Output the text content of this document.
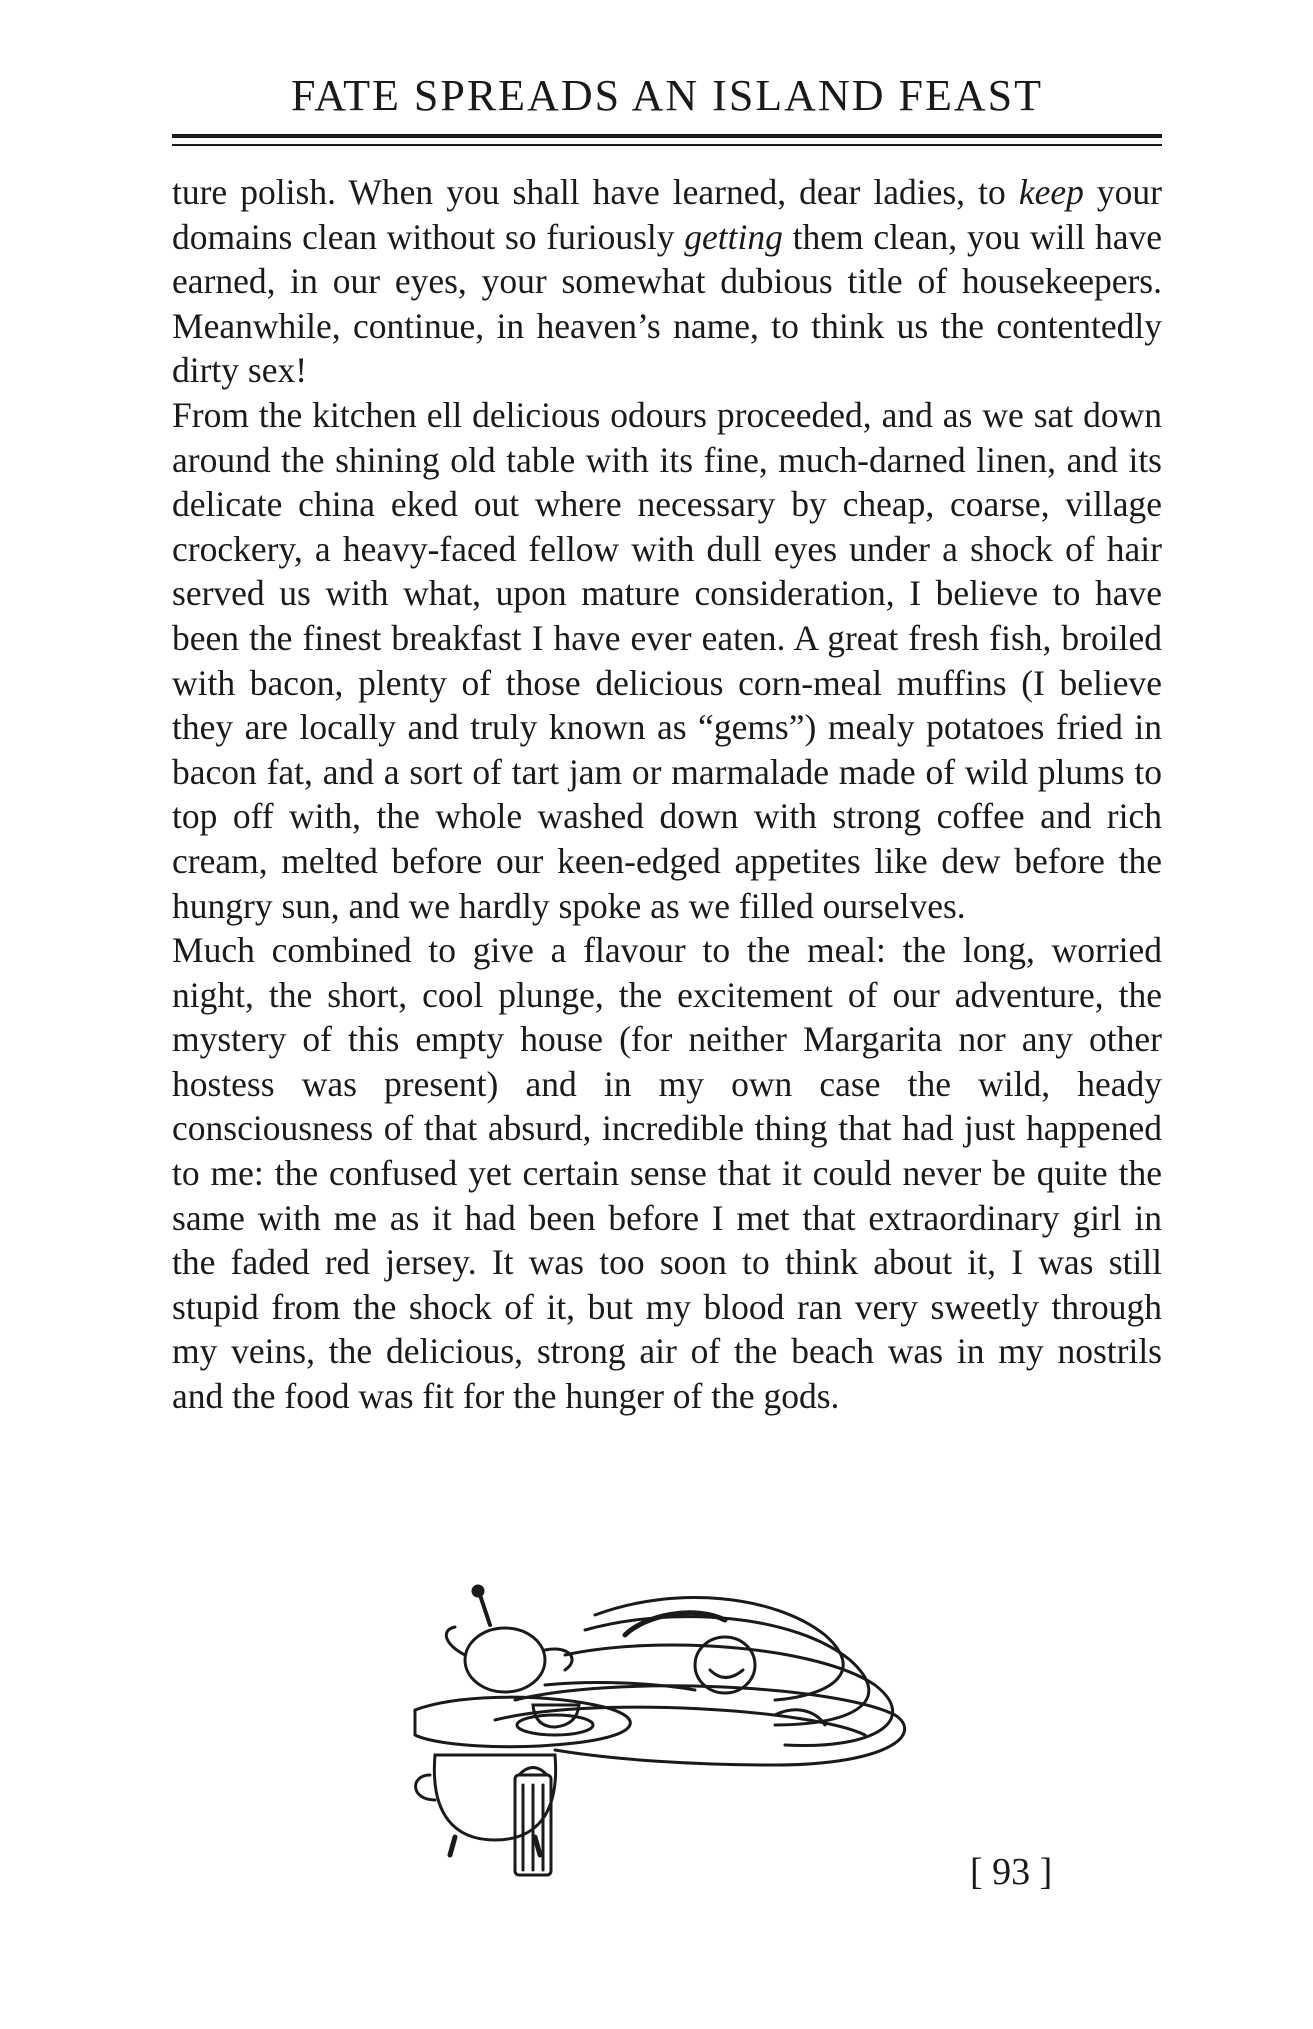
FATE SPREADS AN ISLAND FEAST

ture polish. When you shall have learned, dear ladies, to keep your domains clean without so furiously getting them clean, you will have earned, in our eyes, your somewhat dubious title of housekeepers. Meanwhile, continue, in heaven’s name, to think us the contentedly dirty sex!

From the kitchen ell delicious odours proceeded, and as we sat down around the shining old table with its fine, much-darned linen, and its delicate china eked out where necessary by cheap, coarse, village crockery, a heavy-faced fellow with dull eyes under a shock of hair served us with what, upon mature consideration, I believe to have been the finest breakfast I have ever eaten. A great fresh fish, broiled with bacon, plenty of those delicious corn-meal muffins (I believe they are locally and truly known as “gems”) mealy potatoes fried in bacon fat, and a sort of tart jam or marmalade made of wild plums to top off with, the whole washed down with strong coffee and rich cream, melted before our keen-edged appetites like dew before the hungry sun, and we hardly spoke as we filled ourselves.

Much combined to give a flavour to the meal: the long, worried night, the short, cool plunge, the excitement of our adventure, the mystery of this empty house (for neither Margarita nor any other hostess was present) and in my own case the wild, heady consciousness of that absurd, incredible thing that had just happened to me: the confused yet certain sense that it could never be quite the same with me as it had been before I met that extraordinary girl in the faded red jersey. It was too soon to think about it, I was still stupid from the shock of it, but my blood ran very sweetly through my veins, the delicious, strong air of the beach was in my nostrils and the food was fit for the hunger of the gods.

[ 93 ]
